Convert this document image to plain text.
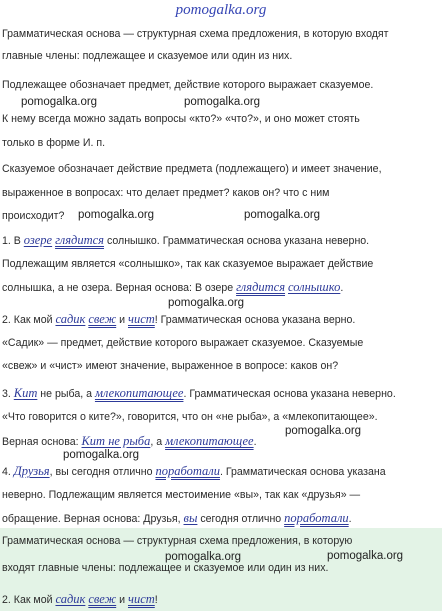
pomogalka.org
Грамматическая основа — структурная схема предложения, в которую входят
главные члены: подлежащее и сказуемое или один из них.
Подлежащее обозначает предмет, действие которого выражает сказуемое.
К нему всегда можно задать вопросы «кто?» «что?», и оно может стоять
только в форме И. п.
Сказуемое обозначает действие предмета (подлежащего) и имеет значение,
выраженное в вопросах: что делает предмет? каков он? что с ним
происходит?
1. В озере глядится солнышко. Грамматическая основа указана неверно.
Подлежащим является «солнышко», так как сказуемое выражает действие
солнышка, а не озера. Верная основа: В озере глядится солнышко.
2. Как мой садик свеж и чист! Грамматическая основа указана верно.
«Садик» — предмет, действие которого выражает сказуемое. Сказуемые
«свеж» и «чист» имеют значение, выраженное в вопросе: каков он?
3. Кит не рыба, а млекопитающее. Грамматическая основа указана неверно.
«Что говорится о ките?», говорится, что он «не рыба», а «млекопитающее».
Верная основа: Кит не рыба, а млекопитающее.
4. Друзья, вы сегодня отлично поработали. Грамматическая основа указана
неверно. Подлежащим является местоимение «вы», так как «друзья» —
обращение. Верная основа: Друзья, вы сегодня отлично поработали.
Грамматическая основа — структурная схема предложения, в которую
входят главные члены: подлежащее и сказуемое или один из них.
2. Как мой садик свеж и чист!
pomogalka.org	pomogalka.org
pomogalka.org	pomogalka.org
pomogalka.org
pomogalka.org
pomogalka.org
pomogalka.org	pomogalka.org
